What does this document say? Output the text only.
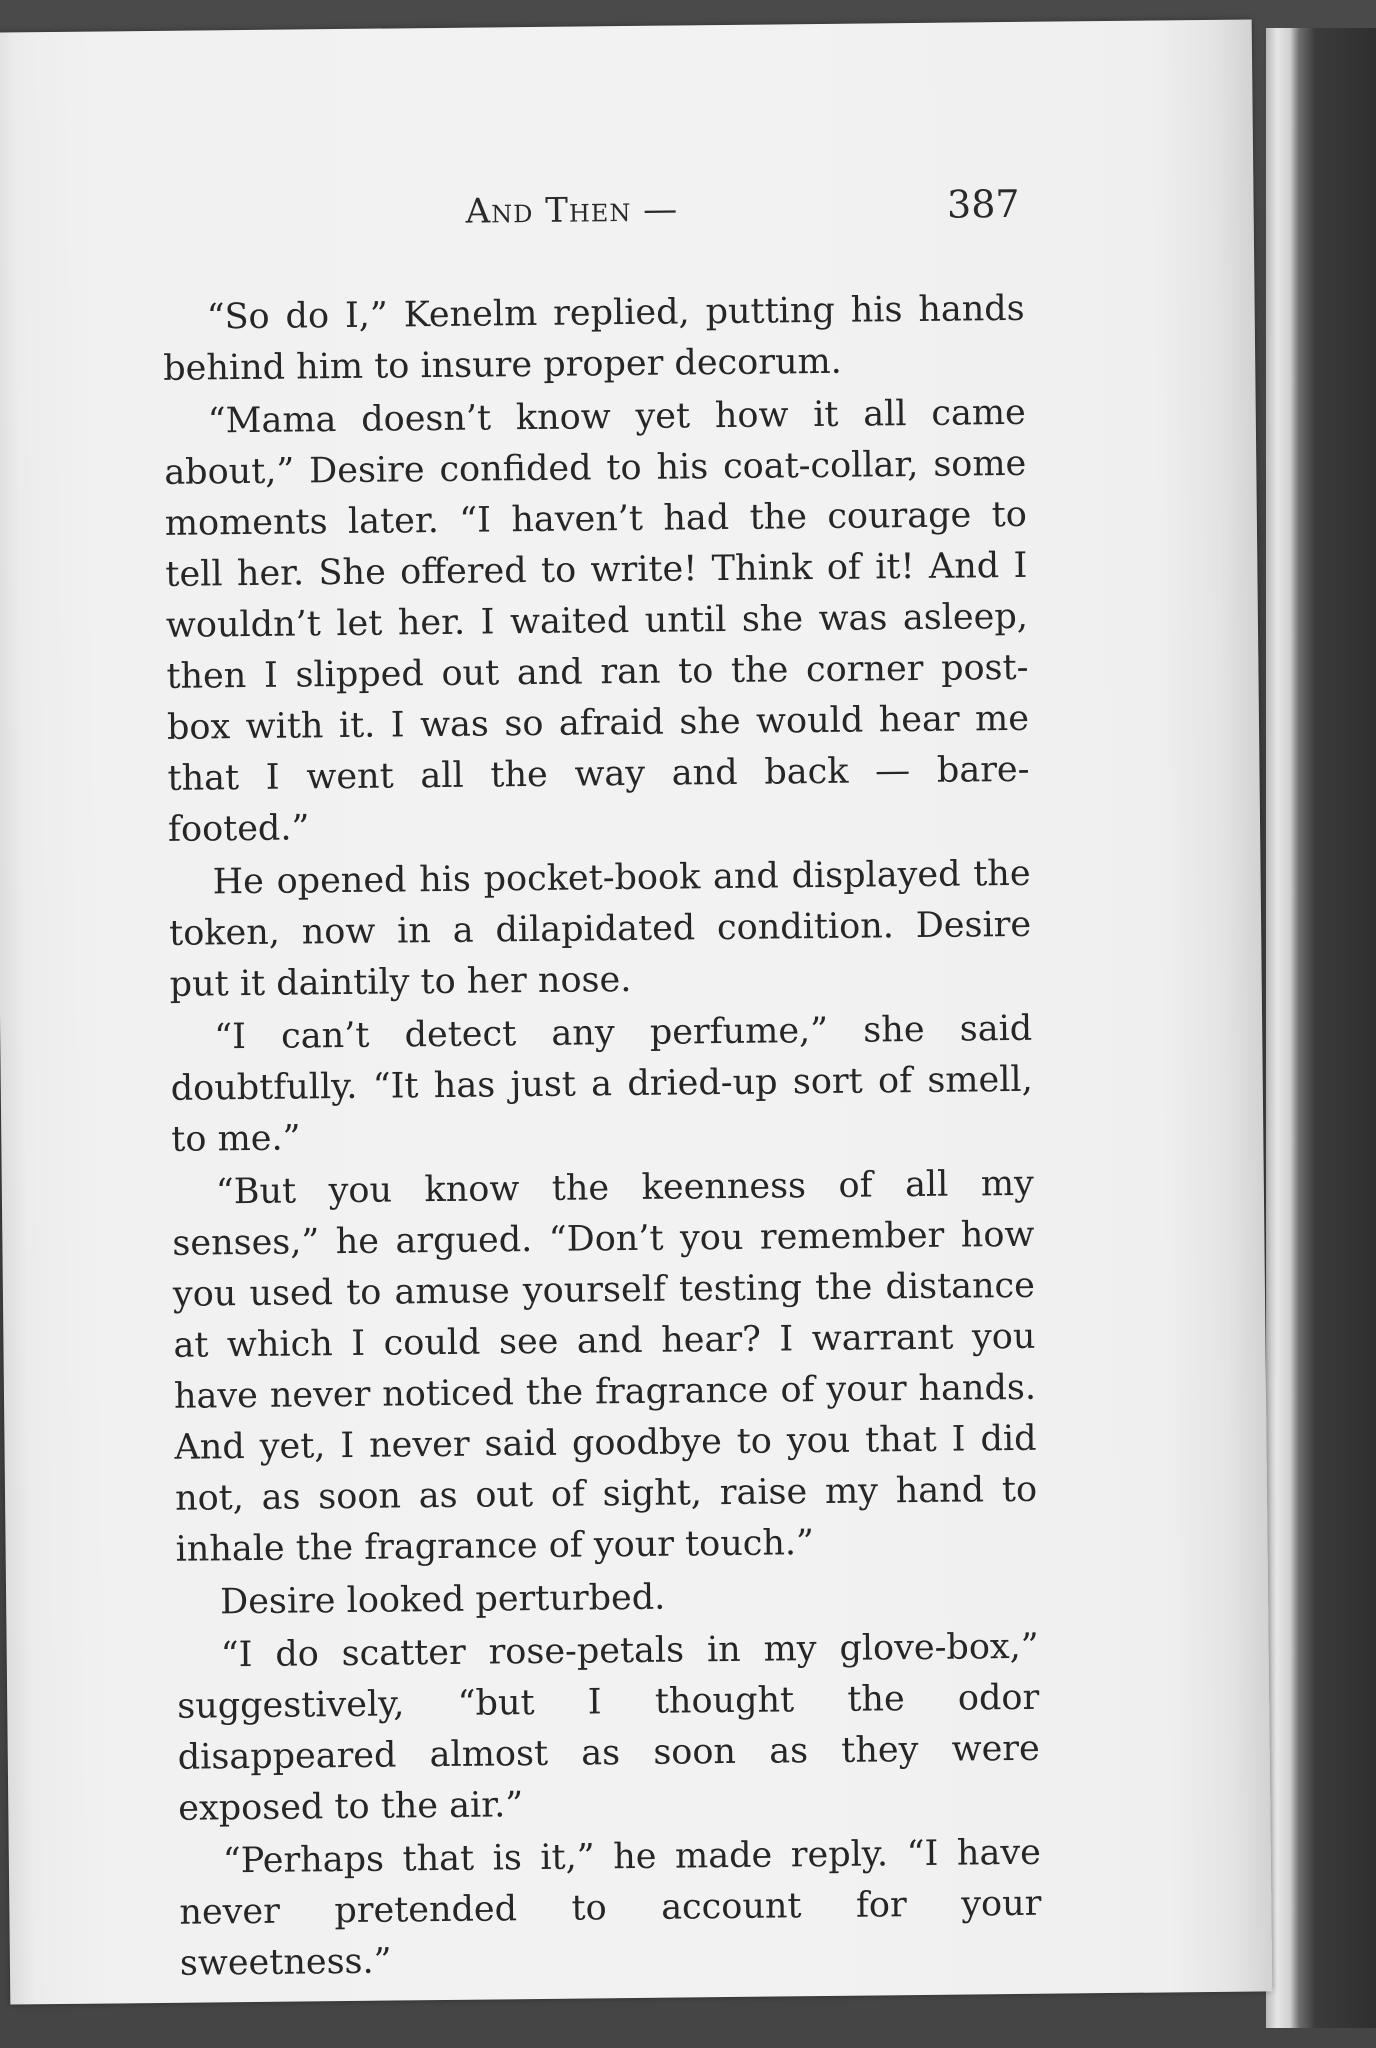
And Then —	387

“So do I,” Kenelm replied, putting his hands behind him to insure proper decorum.

“Mama doesn’t know yet how it all came about,” Desire confided to his coat-collar, some moments later. “I haven’t had the courage to tell her. She offered to write! Think of it! And I wouldn’t let her. I waited until she was asleep, then I slipped out and ran to the corner post-box with it. I was so afraid she would hear me that I went all the way and back — bare-footed.”

He opened his pocket-book and displayed the token, now in a dilapidated condition. Desire put it daintily to her nose.

“I can’t detect any perfume,” she said doubtfully. “It has just a dried-up sort of smell, to me.”

“But you know the keenness of all my senses,” he argued. “Don’t you remember how you used to amuse yourself testing the distance at which I could see and hear? I warrant you have never noticed the fragrance of your hands. And yet, I never said goodbye to you that I did not, as soon as out of sight, raise my hand to inhale the fragrance of your touch.”

Desire looked perturbed.

“I do scatter rose-petals in my glove-box,” suggestively, “but I thought the odor disappeared almost as soon as they were exposed to the air.”

“Perhaps that is it,” he made reply. “I have never pretended to account for your sweetness.”
